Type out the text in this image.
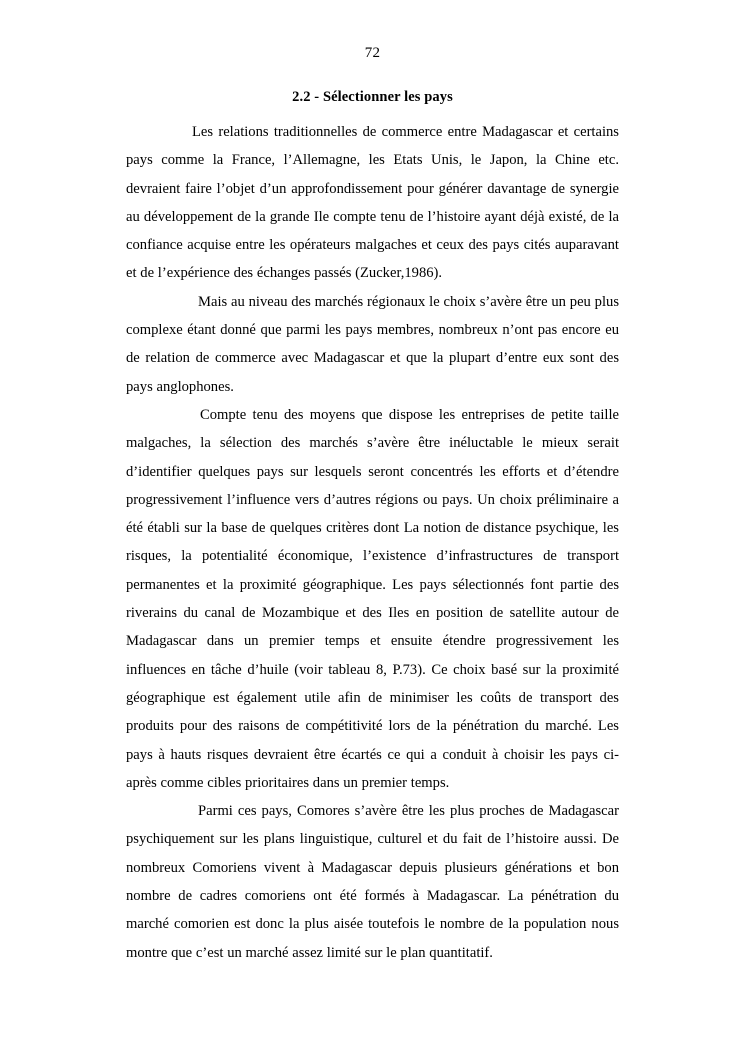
72
2.2 - Sélectionner les pays

Les relations traditionnelles de commerce entre Madagascar et certains pays comme la France, l’Allemagne, les Etats Unis, le Japon, la Chine etc. devraient faire l’objet d’un approfondissement pour générer davantage de synergie au développement de la grande Ile compte tenu de l’histoire ayant déjà existé, de la confiance acquise entre les opérateurs malgaches et ceux des pays cités auparavant et de l’expérience des échanges passés (Zucker,1986).

Mais au niveau des marchés régionaux le choix s’avère être un peu plus complexe étant donné que parmi les pays membres, nombreux n’ont pas encore eu de relation de commerce avec Madagascar et que la plupart d’entre eux sont des pays anglophones.

Compte tenu des moyens que dispose les entreprises de petite taille malgaches, la sélection des marchés s’avère être inéluctable le mieux serait d’identifier quelques pays sur lesquels seront concentrés les efforts et d’étendre progressivement l’influence vers d’autres régions ou pays. Un choix préliminaire a été établi sur la base de quelques critères dont La notion de distance psychique, les risques, la potentialité économique, l’existence d’infrastructures de transport permanentes et la proximité géographique. Les pays sélectionnés font partie des riverains du canal de Mozambique et des Iles en position de satellite autour de Madagascar dans un premier temps et ensuite étendre progressivement les influences en tâche d’huile (voir tableau 8, P.73). Ce choix basé sur la proximité géographique est également utile afin de minimiser les coûts de transport des produits pour des raisons de compétitivité lors de la pénétration du marché. Les pays à hauts risques devraient être écartés ce qui a conduit à choisir les pays ci-après comme cibles prioritaires dans un premier temps.

Parmi ces pays, Comores s’avère être les plus proches de Madagascar psychiquement sur les plans linguistique, culturel et du fait de l’histoire aussi. De nombreux Comoriens vivent à Madagascar depuis plusieurs générations et bon nombre de cadres comoriens ont été formés à Madagascar. La pénétration du marché comorien est donc la plus aisée toutefois le nombre de la population nous montre que c’est un marché assez limité sur le plan quantitatif.
